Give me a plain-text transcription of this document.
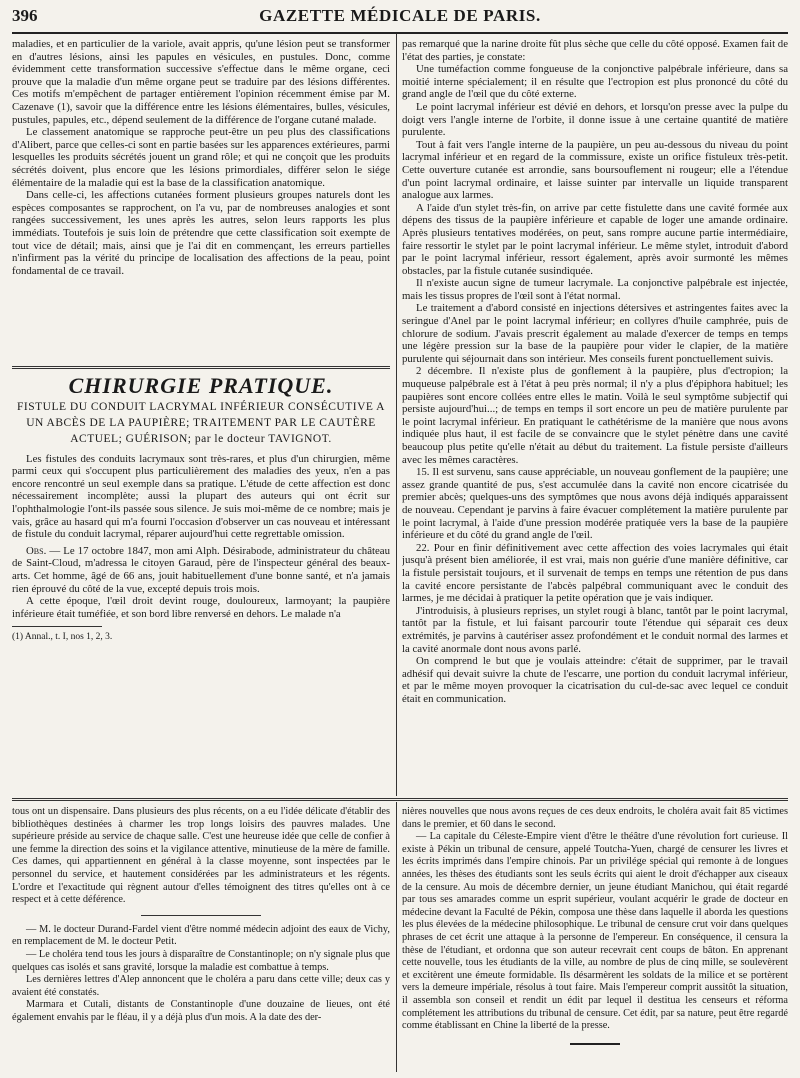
396	GAZETTE MÉDICALE DE PARIS.

maladies, et en particulier de la variole, avait appris, qu'une lésion peut se transformer en d'autres lésions, ainsi les papules en vésicules, en pustules. Donc, comme évidemment cette transformation successive s'effectue dans le même organe, ceci prouve que la maladie d'un même organe peut se traduire par des lésions différentes. Ces motifs m'empêchent de partager entièrement l'opinion récemment émise par M. Cazenave (1), savoir que la différence entre les lésions élémentaires, bulles, vésicules, pustules, papules, etc., dépend seulement de la différence de l'organe cutané malade.

Le classement anatomique se rapproche peut-être un peu plus des classifications d'Alibert, parce que celles-ci sont en partie basées sur les apparences extérieures, parmi lesquelles les produits sécrétés jouent un grand rôle; et qui ne conçoit que les produits sécrétés doivent, plus encore que les lésions primordiales, différer selon le siége élémentaire de la maladie qui est la base de la classification anatomique.

Dans celle-ci, les affections cutanées forment plusieurs groupes naturels dont les espèces composantes se rapprochent, on l'a vu, par de nombreuses analogies et sont rangées successivement, les unes après les autres, selon leurs rapports les plus immédiats. Toutefois je suis loin de prétendre que cette classification soit exempte de tout vice de détail; mais, ainsi que je l'ai dit en commençant, les erreurs partielles n'infirment pas la vérité du principe de localisation des affections de la peau, point fondamental de ce travail.

CHIRURGIE PRATIQUE.
FISTULE DU CONDUIT LACRYMAL INFÉRIEUR CONSÉCUTIVE A UN ABCÈS DE LA PAUPIÈRE; TRAITEMENT PAR LE CAUTÈRE ACTUEL; GUÉRISON; par le docteur TAVIGNOT.

Les fistules des conduits lacrymaux sont très-rares, et plus d'un chirurgien, même parmi ceux qui s'occupent plus particulièrement des maladies des yeux, n'en a pas encore rencontré un seul exemple dans sa pratique. L'étude de cette affection est donc nécessairement incomplète; aussi la plupart des auteurs qui ont écrit sur l'ophthalmologie l'ont-ils passée sous silence. Je suis moi-même de ce nombre; mais je vais, grâce au hasard qui m'a fourni l'occasion d'observer un cas nouveau et intéressant de fistule du conduit lacrymal, réparer aujourd'hui cette regrettable omission.

Obs. — Le 17 octobre 1847, mon ami Alph. Désirabode, administrateur du château de Saint-Cloud, m'adressa le citoyen Garaud, père de l'inspecteur général des beaux-arts. Cet homme, âgé de 66 ans, jouit habituellement d'une bonne santé, et n'a jamais rien éprouvé du côté de la vue, excepté depuis trois mois.

A cette époque, l'œil droit devint rouge, douloureux, larmoyant; la paupière inférieure était tuméfiée, et son bord libre renversé en dehors. Le malade n'a

(1) Annal., t. I, nos 1, 2, 3.

pas remarqué que la narine droite fût plus sèche que celle du côté opposé. Examen fait de l'état des parties, je constate:

Une tuméfaction comme fongueuse de la conjonctive palpébrale inférieure, dans sa moitié interne spécialement; il en résulte que l'ectropion est plus prononcé du côté du grand angle de l'œil que du côté externe.

Le point lacrymal inférieur est dévié en dehors, et lorsqu'on presse avec la pulpe du doigt vers l'angle interne de l'orbite, il donne issue à une certaine quantité de matière purulente.

Tout à fait vers l'angle interne de la paupière, un peu au-dessous du niveau du point lacrymal inférieur et en regard de la commissure, existe un orifice fistuleux très-petit. Cette ouverture cutanée est arrondie, sans boursouflement ni rougeur; elle a l'étendue d'un point lacrymal ordinaire, et laisse suinter par intervalle un liquide transparent analogue aux larmes.

A l'aide d'un stylet très-fin, on arrive par cette fistulette dans une cavité formée aux dépens des tissus de la paupière inférieure et capable de loger une amande ordinaire. Après plusieurs tentatives modérées, on peut, sans rompre aucune partie intermédiaire, faire ressortir le stylet par le point lacrymal inférieur. Le même stylet, introduit d'abord par le point lacrymal inférieur, ressort également, après avoir surmonté les mêmes obstacles, par la fistule cutanée susindiquée.

Il n'existe aucun signe de tumeur lacrymale. La conjonctive palpébrale est injectée, mais les tissus propres de l'œil sont à l'état normal.

Le traitement a d'abord consisté en injections détersives et astringentes faites avec la seringue d'Anel par le point lacrymal inférieur; en collyres d'huile camphrée, puis de chlorure de sodium. J'avais prescrit également au malade d'exercer de temps en temps une légère pression sur la base de la paupière pour vider le clapier, de la matière purulente qui séjournait dans son intérieur. Mes conseils furent ponctuellement suivis.

2 décembre. Il n'existe plus de gonflement à la paupière, plus d'ectropion; la muqueuse palpébrale est à l'état à peu près normal; il n'y a plus d'épiphora habituel; les paupières sont encore collées entre elles le matin. Voilà le seul symptôme subjectif qui persiste aujourd'hui...; de temps en temps il sort encore un peu de matière purulente par le point lacrymal inférieur. En pratiquant le cathétérisme de la manière que nous avons indiquée plus haut, il est facile de se convaincre que le stylet pénètre dans une cavité beaucoup plus petite qu'elle n'était au début du traitement. La fistule persiste d'ailleurs avec les mêmes caractères.

15. Il est survenu, sans cause appréciable, un nouveau gonflement de la paupière; une assez grande quantité de pus, s'est accumulée dans la cavité non encore cicatrisée du premier abcès; quelques-uns des symptômes que nous avons déjà indiqués apparaissent de nouveau. Cependant je parvins à faire évacuer complétement la matière purulente par le point lacrymal, à l'aide d'une pression modérée pratiquée vers la base de la paupière inférieure et du côté du grand angle de l'œil.

22. Pour en finir définitivement avec cette affection des voies lacrymales qui était jusqu'à présent bien améliorée, il est vrai, mais non guérie d'une manière définitive, car la fistule persistait toujours, et il survenait de temps en temps une rétention de pus dans la cavité encore persistante de l'abcès palpébral communiquant avec le conduit des larmes, je me décidai à pratiquer la petite opération que je vais indiquer.

J'introduisis, à plusieurs reprises, un stylet rougi à blanc, tantôt par le point lacrymal, tantôt par la fistule, et lui faisant parcourir toute l'étendue qui séparait ces deux extrémités, je parvins à cautériser assez profondément et le conduit normal des larmes et la cavité anormale dont nous avons parlé.

On comprend le but que je voulais atteindre: c'était de supprimer, par le travail adhésif qui devait suivre la chute de l'escarre, une portion du conduit lacrymal inférieur, et par le même moyen provoquer la cicatrisation du cul-de-sac avec lequel ce conduit était en communication.

tous ont un dispensaire. Dans plusieurs des plus récents, on a eu l'idée délicate d'établir des bibliothèques destinées à charmer les trop longs loisirs des pauvres malades. Une supérieure préside au service de chaque salle. C'est une heureuse idée que celle de confier à une femme la direction des soins et la vigilance attentive, minutieuse de la mère de famille. Ces dames, qui appartiennent en général à la classe moyenne, sont inspectées par le personnel du service, et hautement considérées par les administrateurs et les régents. L'ordre et l'exactitude qui règnent autour d'elles témoignent des titres qu'elles ont à ce respect et à cette déférence.

— M. le docteur Durand-Fardel vient d'être nommé médecin adjoint des eaux de Vichy, en remplacement de M. le docteur Petit.

— Le choléra tend tous les jours à disparaître de Constantinople; on n'y signale plus que quelques cas isolés et sans gravité, lorsque la maladie est combattue à temps.

Les dernières lettres d'Alep annoncent que le choléra a paru dans cette ville; deux cas y avaient été constatés.

Marmara et Cutali, distants de Constantinople d'une douzaine de lieues, ont été également envahis par le fléau, il y a déjà plus d'un mois. A la date des der-

nières nouvelles que nous avons reçues de ces deux endroits, le choléra avait fait 85 victimes dans le premier, et 60 dans le second.

— La capitale du Céleste-Empire vient d'être le théâtre d'une révolution fort curieuse. Il existe à Pékin un tribunal de censure, appelé Toutcha-Yuen, chargé de censurer les livres et les écrits imprimés dans l'empire chinois. Par un privilége spécial qui remonte à de longues années, les thèses des étudiants sont les seuls écrits qui aient le droit d'échapper aux ciseaux de la censure. Au mois de décembre dernier, un jeune étudiant Manichou, qui était regardé par tous ses amarades comme un esprit supérieur, voulant acquérir le grade de docteur en médecine devant la Faculté de Pékin, composa une thèse dans laquelle il aborda les questions les plus élevées de la médecine philosophique. Le tribunal de censure crut voir dans quelques phrases de cet écrit une attaque à la personne de l'empereur. En conséquence, il censura la thèse de l'étudiant, et ordonna que son auteur recevrait cent coups de bâton. En apprenant cette nouvelle, tous les étudiants de la ville, au nombre de plus de cinq mille, se soulevèrent et excitèrent une émeute formidable. Ils désarmèrent les soldats de la milice et se portèrent vers la demeure impériale, résolus à tout faire. Mais l'empereur comprit aussitôt la situation, il assembla son conseil et rendit un édit par lequel il destitua les censeurs et réforma complétement les attributions du tribunal de censure. Cet édit, par sa nature, peut être regardé comme établissant en Chine la liberté de la presse.
